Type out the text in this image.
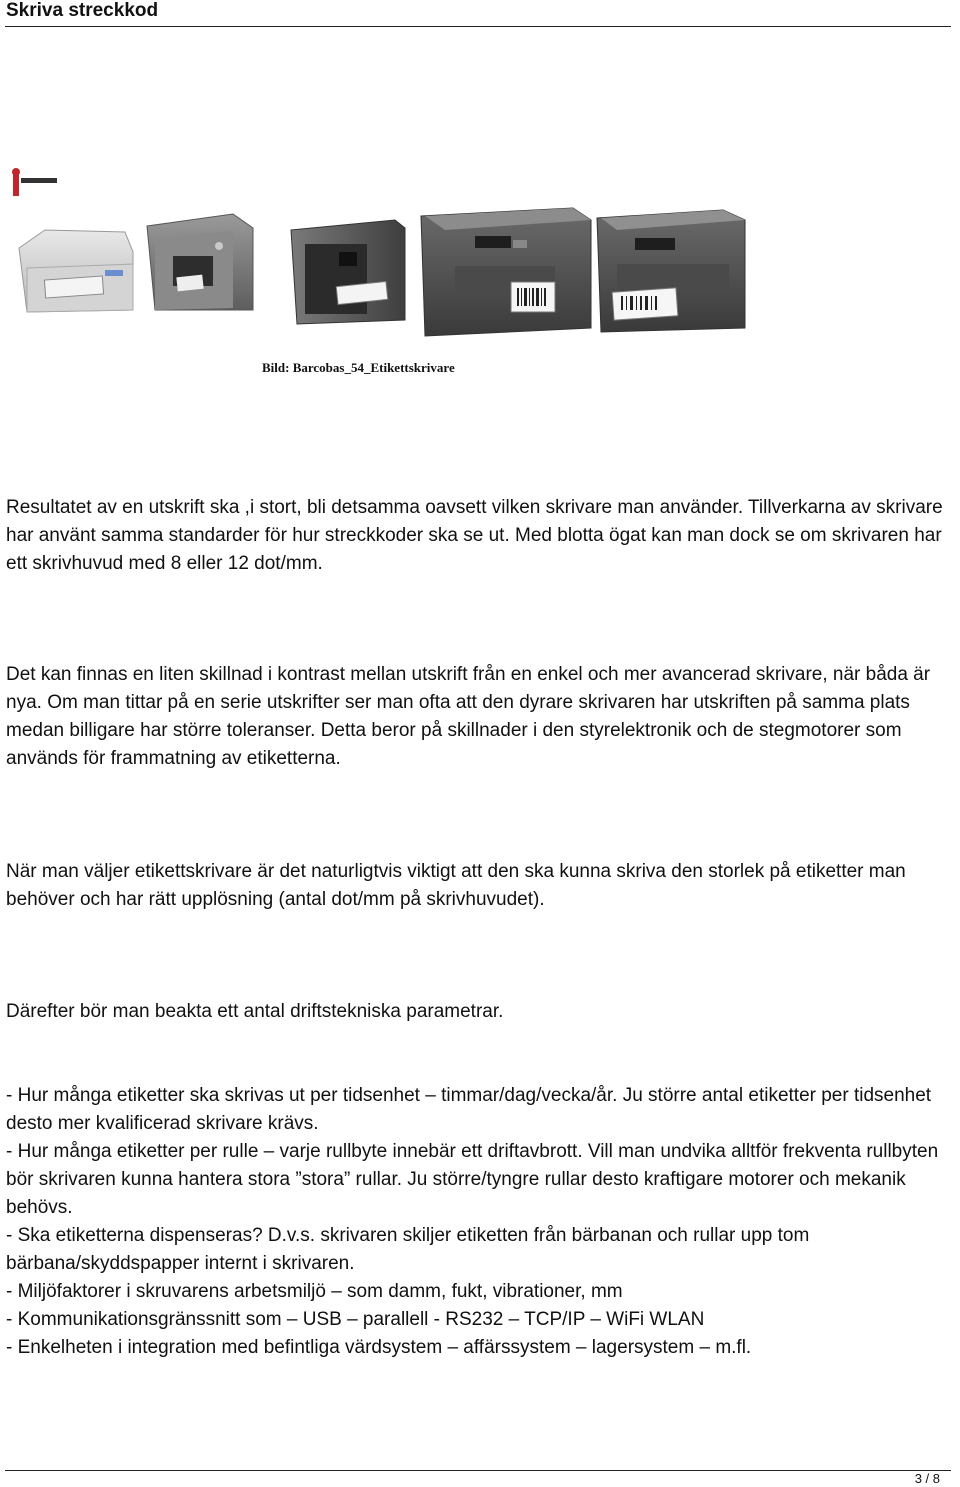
Skriva streckkod
Bild: Barcobas_54_Etikettskrivare

Resultatet av en utskrift ska ,i stort, bli detsamma oavsett vilken skrivare man använder. Tillverkarna av skrivare har använt samma standarder för hur streckkoder ska se ut. Med blotta ögat kan man dock se om skrivaren har ett skrivhuvud med 8 eller 12 dot/mm.

Det kan finnas en liten skillnad i kontrast mellan utskrift från en enkel och mer avancerad skrivare, när båda är nya. Om man tittar på en serie utskrifter ser man ofta att den dyrare skrivaren har utskriften på samma plats medan billigare har större toleranser. Detta beror på skillnader i den styrelektronik och de stegmotorer som används för frammatning av etiketterna.

När man väljer etikettskrivare är det naturligtvis viktigt att den ska kunna skriva den storlek på etiketter man behöver och har rätt upplösning (antal dot/mm på skrivhuvudet).

Därefter bör man beakta ett antal driftstekniska parametrar.

- Hur många etiketter ska skrivas ut per tidsenhet – timmar/dag/vecka/år. Ju större antal etiketter per tidsenhet desto mer kvalificerad skrivare krävs.
- Hur många etiketter per rulle – varje rullbyte innebär ett driftavbrott. Vill man undvika alltför frekventa rullbyten bör skrivaren kunna hantera stora ”stora” rullar. Ju större/tyngre rullar desto kraftigare motorer och mekanik behövs.
- Ska etiketterna dispenseras? D.v.s. skrivaren skiljer etiketten från bärbanan och rullar upp tom bärbana/skyddspapper internt i skrivaren.
- Miljöfaktorer i skruvarens arbetsmiljö – som damm, fukt, vibrationer, mm
- Kommunikationsgränssnitt som – USB – parallell - RS232 – TCP/IP – WiFi WLAN
- Enkelheten i integration med befintliga värdsystem – affärssystem – lagersystem – m.fl.
3 / 8
